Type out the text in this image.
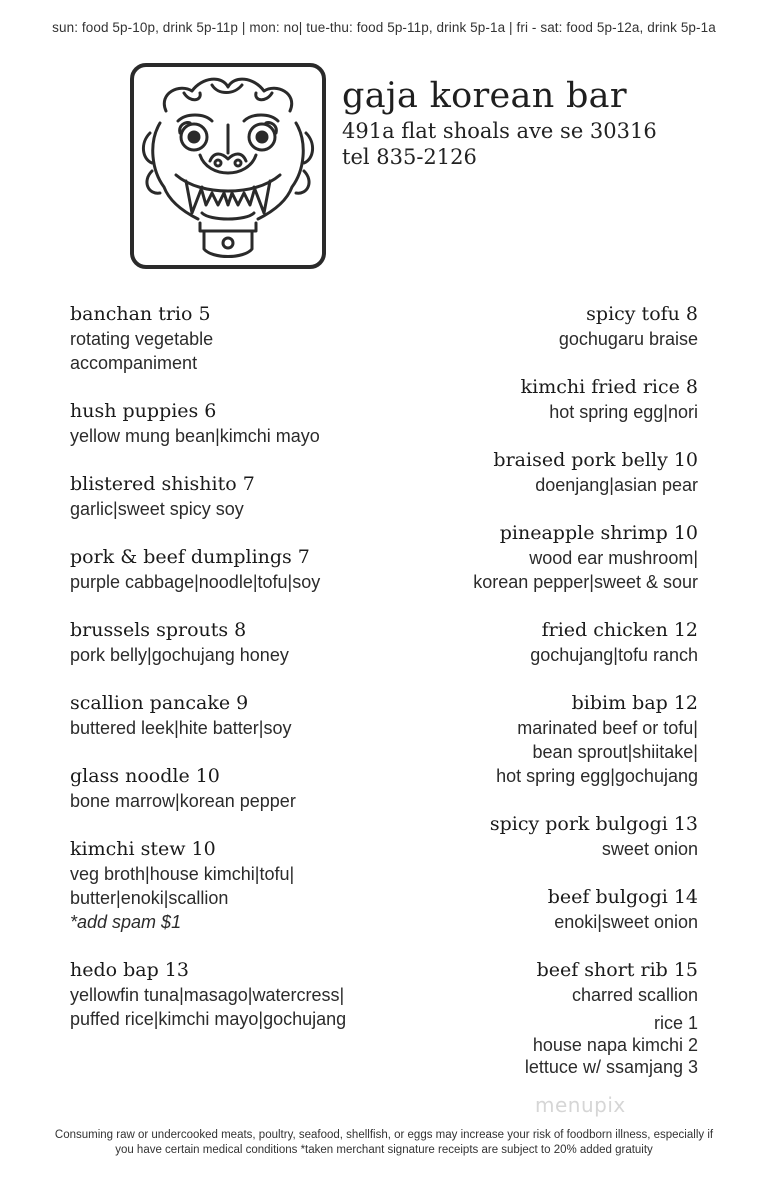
sun: food 5p-10p, drink 5p-11p | mon: no| tue-thu: food 5p-11p, drink 5p-1a | fri - sat: food 5p-12a, drink 5p-1a
gaja korean bar
491a flat shoals ave se 30316
tel 835-2126
banchan trio 5
rotating vegetable
accompaniment
hush puppies 6
yellow mung bean|kimchi mayo
blistered shishito 7
garlic|sweet spicy soy
pork & beef dumplings 7
purple cabbage|noodle|tofu|soy
brussels sprouts 8
pork belly|gochujang honey
scallion pancake 9
buttered leek|hite batter|soy
glass noodle 10
bone marrow|korean pepper
kimchi stew 10
veg broth|house kimchi|tofu|
butter|enoki|scallion
*add spam $1
hedo bap 13
yellowfin tuna|masago|watercress|
puffed rice|kimchi mayo|gochujang
spicy tofu 8
gochugaru braise
kimchi fried rice 8
hot spring egg|nori
braised pork belly 10
doenjang|asian pear
pineapple shrimp 10
wood ear mushroom|
korean pepper|sweet & sour
fried chicken 12
gochujang|tofu ranch
bibim bap 12
marinated beef or tofu|
bean sprout|shiitake|
hot spring egg|gochujang
spicy pork bulgogi 13
sweet onion
beef bulgogi 14
enoki|sweet onion
beef short rib 15
charred scallion
rice 1
house napa kimchi 2
lettuce w/ ssamjang 3
menupix
Consuming raw or undercooked meats, poultry, seafood, shellfish, or eggs may increase your risk of foodborn illness, especially if
you have certain medical conditions *taken merchant signature receipts are subject to 20% added gratuity
